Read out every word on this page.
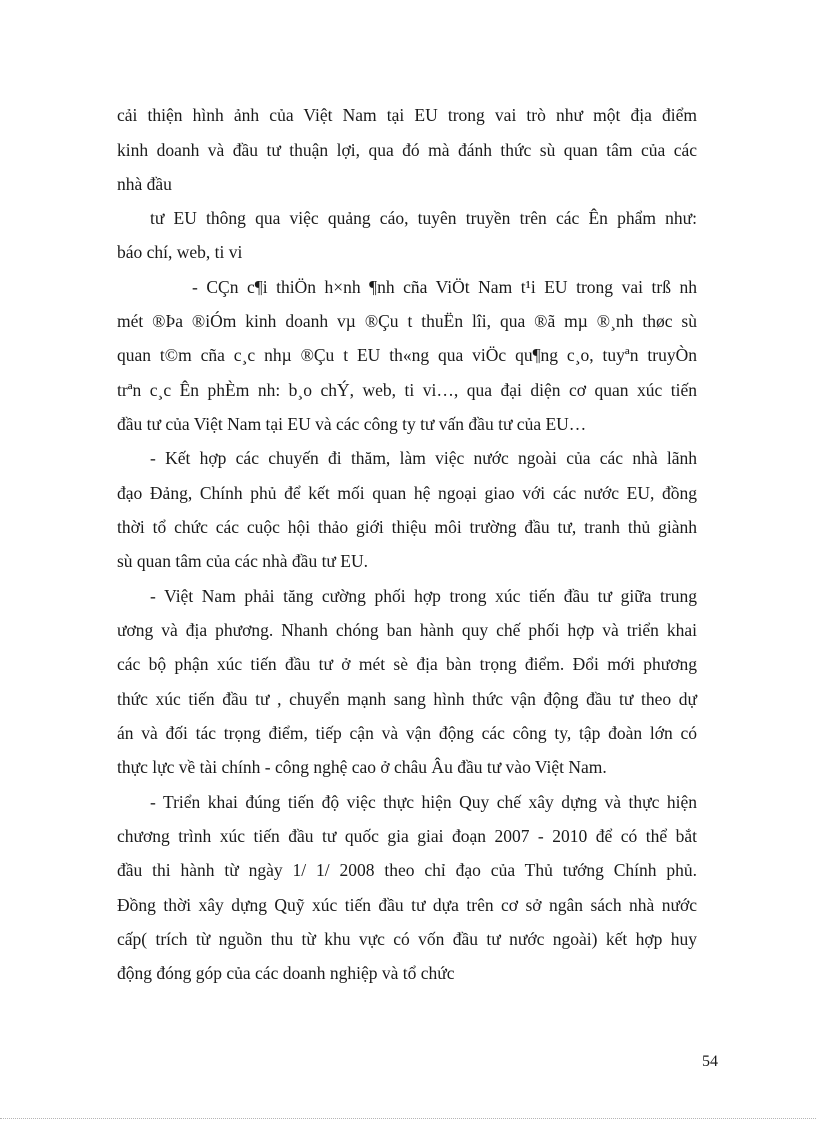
cải thiện hình ảnh của Việt Nam tại EU trong vai trò như một địa điểm
kinh doanh và đầu tư thuận lợi, qua đó mà đánh thức sù quan tâm của các
nhà đầu
tư EU thông qua việc quảng cáo, tuyên truyền trên các Ên phẩm như:
báo chí, web, ti vi
- CÇn c¶i thiÖn h×nh ¶nh cña ViÖt Nam t¹i EU trong vai trß nh
mét ®Þa ®iÓm kinh doanh vµ ®Çu t thuËn lîi, qua ®ã mµ ®¸nh thøc sù
quan t©m cña c¸c nhµ ®Çu t EU th«ng qua viÖc qu¶ng c¸o, tuyªn truyÒn
trªn c¸c Ên phÈm nh: b¸o chÝ, web, ti vi…, qua đại diện cơ quan xúc tiến
đầu tư của Việt Nam tại EU và các công ty tư vấn đầu tư của EU…
- Kết hợp các chuyến đi thăm, làm việc nước ngoài của các nhà lãnh
đạo Đảng, Chính phủ để kết mối quan hệ ngoại giao với các nước EU, đồng
thời tổ chức các cuộc hội thảo giới thiệu môi trường đầu tư, tranh thủ giành
sù quan tâm của các nhà đầu tư EU.
- Việt Nam phải tăng cường phối hợp trong xúc tiến đầu tư giữa trung
ương và địa phương. Nhanh chóng ban hành quy chế phối hợp và triển khai
các bộ phận xúc tiến đầu tư ở mét sè địa bàn trọng điểm. Đổi mới phương
thức xúc tiến đầu tư , chuyển mạnh sang hình thức vận động đầu tư theo dự
án và đối tác trọng điểm, tiếp cận và vận động các công ty, tập đoàn lớn có
thực lực về tài chính - công nghệ cao ở châu Âu đầu tư vào Việt Nam.
- Triển khai đúng tiến độ việc thực hiện Quy chế xây dựng và thực hiện
chương trình xúc tiến đầu tư quốc gia giai đoạn 2007 - 2010 để có thể bắt
đầu thi hành từ ngày 1/ 1/ 2008 theo chỉ đạo của Thủ tướng Chính phủ.
Đồng thời xây dựng Quỹ xúc tiến đầu tư dựa trên cơ sở ngân sách nhà nước
cấp( trích từ nguồn thu từ khu vực có vốn đầu tư nước ngoài) kết hợp huy
động đóng góp của các doanh nghiệp và tổ chức
54
